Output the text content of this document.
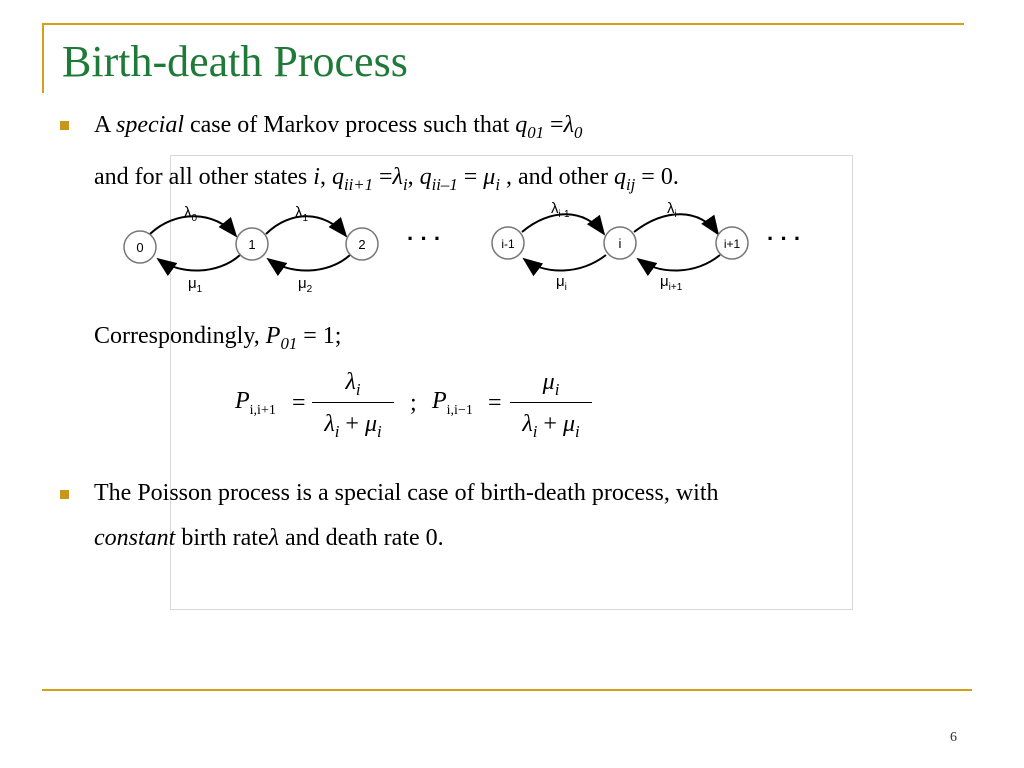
Birth-death Process
A special case of Markov process such that $q_{01} =\lambda_0$
and for all other states i, $q_{ii+1} =\lambda_i$, $q_{ii-1} = \mu_i$ , and other $q_{ij} = 0$.
0	1	2	i-1	i	i+1
· · ·	· · ·
$\lambda_0$	$\lambda_1$
$\lambda_{i-1}$	$\lambda_i$
$\mu_1$	$\mu_2$	$\mu_i$	$\mu_{i+1}$
Correspondingly, $P_{01} = 1$;
$P_{i,i+1}$ =
$\lambda_i$
$\lambda_i + \mu_i$
; $P_{i,i-1}$ =
$\mu_i$
$\lambda_i + \mu_i$
The Poisson process is a special case of birth-death process, with
constant birth rateλ and death rate 0.
6
